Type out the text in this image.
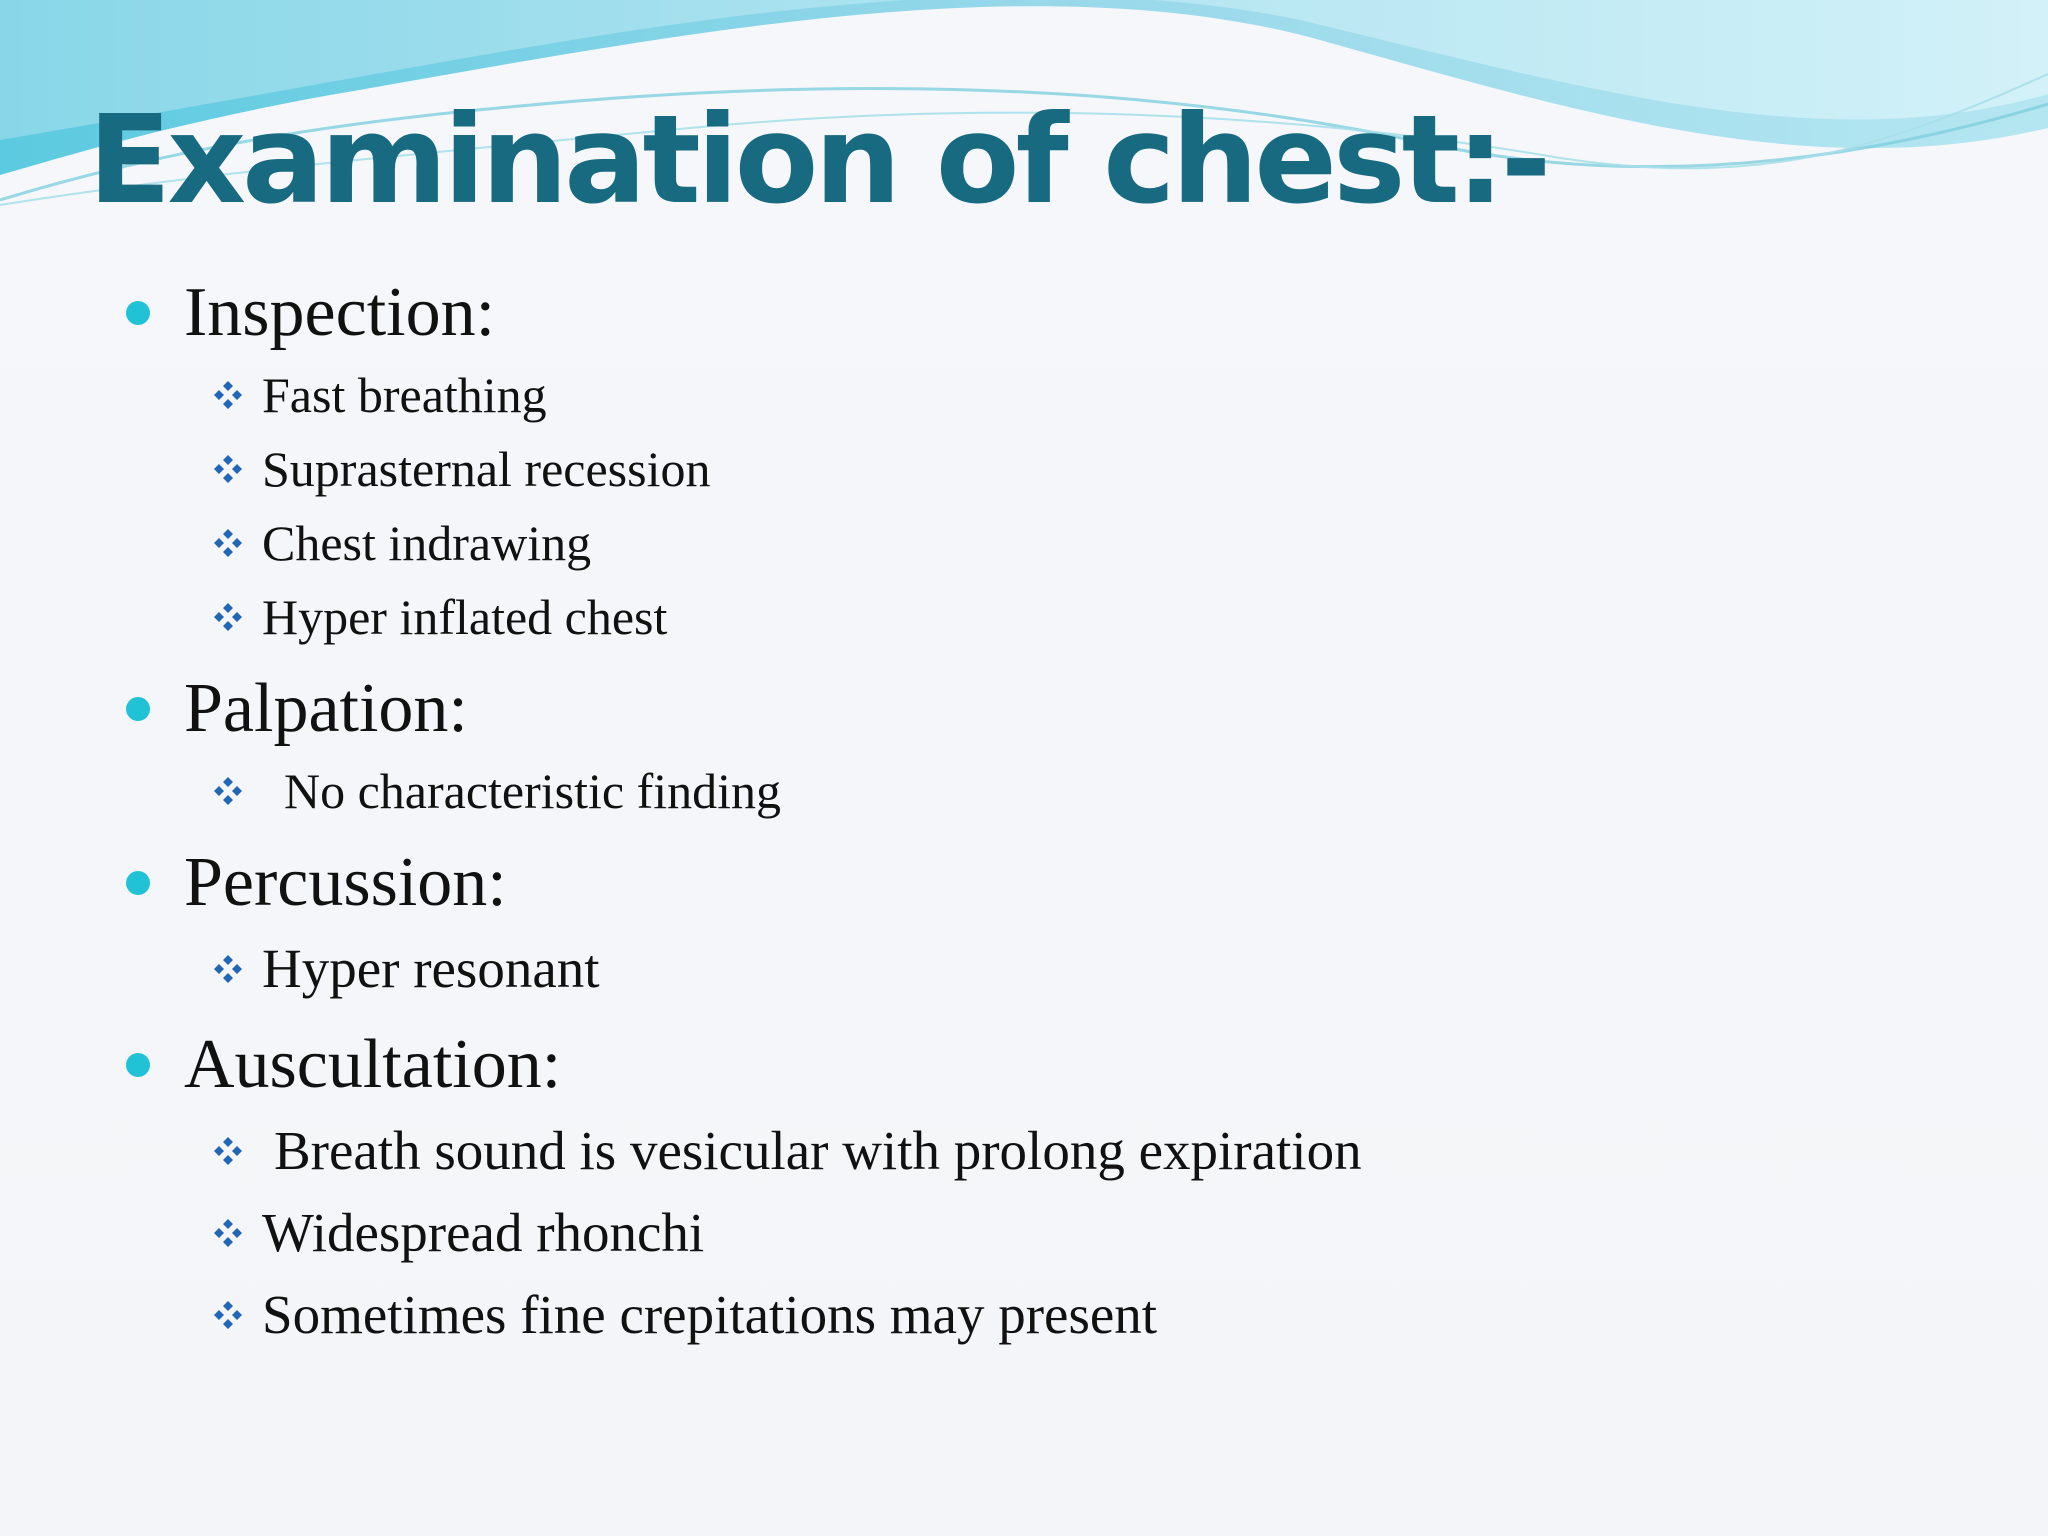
Examination of chest:-
Inspection:
Fast breathing
Suprasternal recession
Chest indrawing
Hyper inflated chest
Palpation:
No characteristic finding
Percussion:
Hyper resonant
Auscultation:
Breath sound is vesicular with prolong expiration
Widespread rhonchi
Sometimes fine crepitations may present
